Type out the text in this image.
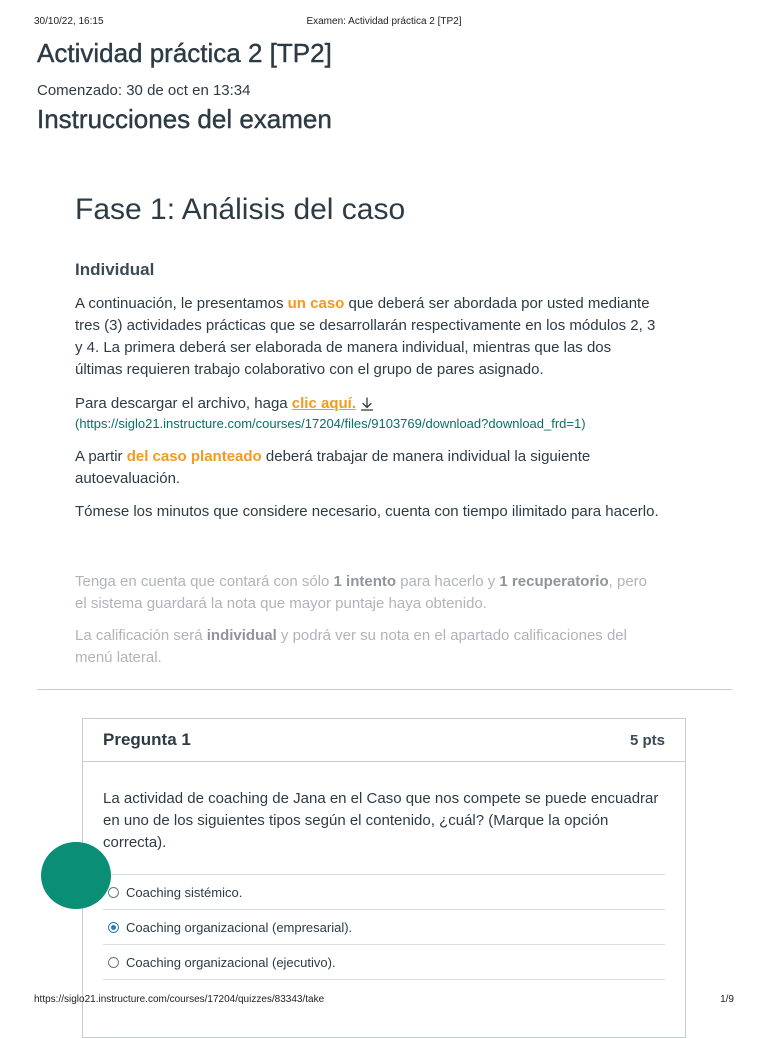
30/10/22, 16:15	Examen: Actividad práctica 2 [TP2]
Actividad práctica 2 [TP2]
Comenzado: 30 de oct en 13:34
Instrucciones del examen
Fase 1: Análisis del caso
Individual

A continuación, le presentamos un caso que deberá ser abordada por usted mediante tres (3) actividades prácticas que se desarrollarán respectivamente en los módulos 2, 3 y 4. La primera deberá ser elaborada de manera individual, mientras que las dos últimas requieren trabajo colaborativo con el grupo de pares asignado.

Para descargar el archivo, haga clic aquí.

(https://siglo21.instructure.com/courses/17204/files/9103769/download?download_frd=1)

A partir del caso planteado deberá trabajar de manera individual la siguiente autoevaluación.

Tómese los minutos que considere necesario, cuenta con tiempo ilimitado para hacerlo.

Tenga en cuenta que contará con sólo 1 intento para hacerlo y 1 recuperatorio, pero el sistema guardará la nota que mayor puntaje haya obtenido.

La calificación será individual y podrá ver su nota en el apartado calificaciones del menú lateral.

Pregunta 1	5 pts
La actividad de coaching de Jana en el Caso que nos compete se puede encuadrar en uno de los siguientes tipos según el contenido, ¿cuál? (Marque la opción correcta).
Coaching sistémico.
Coaching organizacional (empresarial).
Coaching organizacional (ejecutivo).
https://siglo21.instructure.com/courses/17204/quizzes/83343/take	1/9
